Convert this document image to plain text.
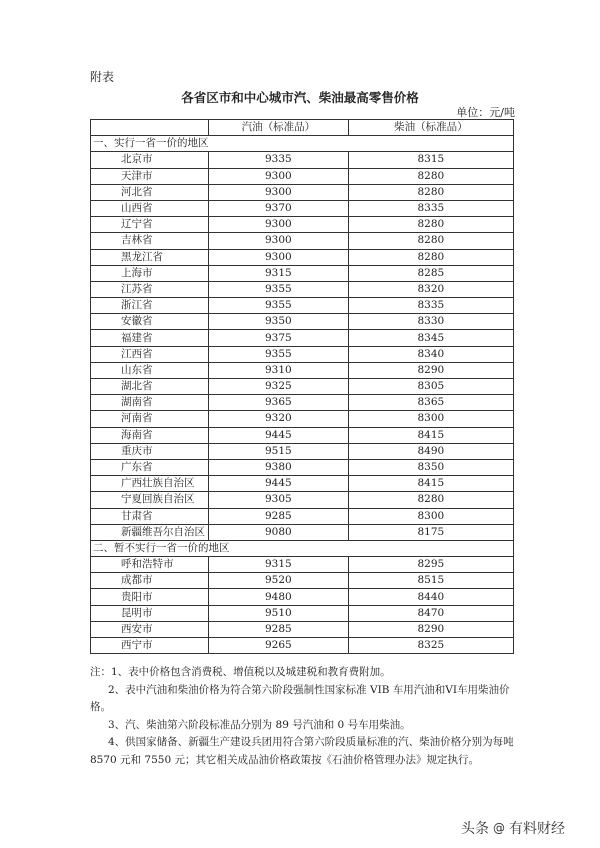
附表
各省区市和中心城市汽、柴油最高零售价格
单位：元/吨
	汽油（标准品）	柴油（标准品）
一、实行一省一价的地区		
北京市	9335	8315
天津市	9300	8280
河北省	9300	8280
山西省	9370	8335
辽宁省	9300	8280
吉林省	9300	8280
黑龙江省	9300	8280
上海市	9315	8285
江苏省	9355	8320
浙江省	9355	8335
安徽省	9350	8330
福建省	9375	8345
江西省	9355	8340
山东省	9310	8290
湖北省	9325	8305
湖南省	9365	8365
河南省	9320	8300
海南省	9445	8415
重庆市	9515	8490
广东省	9380	8350
广西壮族自治区	9445	8415
宁夏回族自治区	9305	8280
甘肃省	9285	8300
新疆维吾尔自治区	9080	8175
二、暂不实行一省一价的地区		
呼和浩特市	9315	8295
成都市	9520	8515
贵阳市	9480	8440
昆明市	9510	8470
西安市	9285	8290
西宁市	9265	8325

注：1、表中价格包含消费税、增值税以及城建税和教育费附加。

2、表中汽油和柴油价格为符合第六阶段强制性国家标准 VIB 车用汽油和VI车用柴油价格。

3、汽、柴油第六阶段标准品分别为 89 号汽油和 0 号车用柴油。

4、供国家储备、新疆生产建设兵团用符合第六阶段质量标准的汽、柴油价格分别为每吨 8570 元和 7550 元；其它相关成品油价格政策按《石油价格管理办法》规定执行。

头条 @ 有料财经
